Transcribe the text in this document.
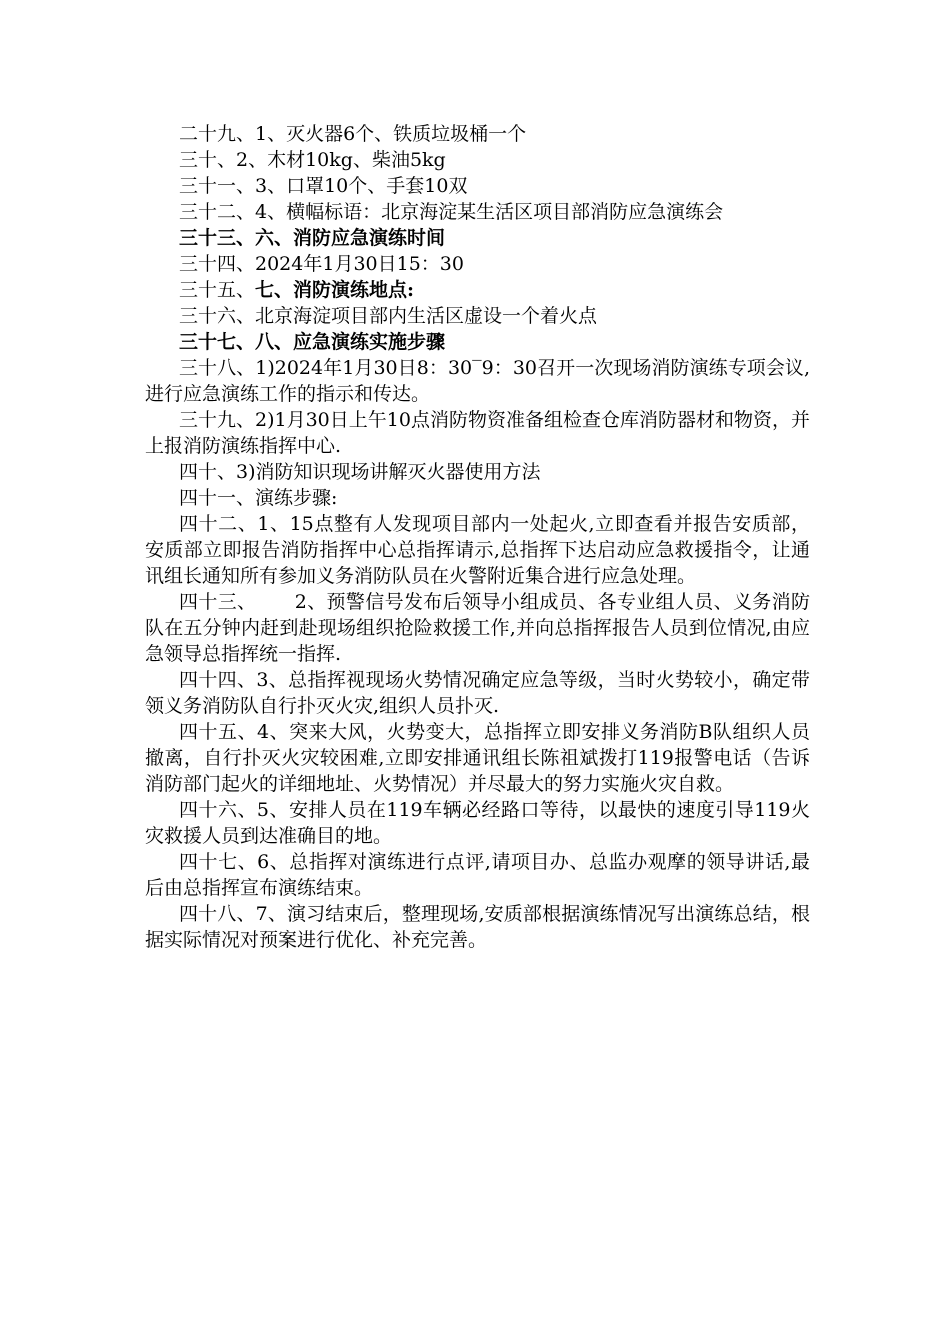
二十九、1、灭火器6个、铁质垃圾桶一个

三十、2、木材10kg、柴油5kg

三十一、3、口罩10个、手套10双

三十二、4、横幅标语：北京海淀某生活区项目部消防应急演练会

三十三、六、消防应急演练时间

三十四、2024年1月30日15：30

三十五、七、消防演练地点:

三十六、北京海淀项目部内生活区虚设一个着火点

三十七、八、应急演练实施步骤

三十八、1)2024年1月30日8：30‾9：30召开一次现场消防演练专项会议,进行应急演练工作的指示和传达。

三十九、2)1月30日上午10点消防物资准备组检查仓库消防器材和物资，并上报消防演练指挥中心.

四十、3)消防知识现场讲解灭火器使用方法

四十一、演练步骤:

四十二、1、15点整有人发现项目部内一处起火,立即查看并报告安质部，安质部立即报告消防指挥中心总指挥请示,总指挥下达启动应急救援指令，让通讯组长通知所有参加义务消防队员在火警附近集合进行应急处理。

四十三、      2、预警信号发布后领导小组成员、各专业组人员、义务消防队在五分钟内赶到赴现场组织抢险救援工作,并向总指挥报告人员到位情况,由应急领导总指挥统一指挥.

四十四、3、总指挥视现场火势情况确定应急等级，当时火势较小，确定带领义务消防队自行扑灭火灾,组织人员扑灭.

四十五、4、突来大风，火势变大，总指挥立即安排义务消防B队组织人员撤离，自行扑灭火灾较困难,立即安排通讯组长陈祖斌拨打119报警电话（告诉消防部门起火的详细地址、火势情况）并尽最大的努力实施火灾自救。

四十六、5、安排人员在119车辆必经路口等待，以最快的速度引导119火灾救援人员到达准确目的地。

四十七、6、总指挥对演练进行点评,请项目办、总监办观摩的领导讲话,最后由总指挥宣布演练结束。

四十八、7、演习结束后，整理现场,安质部根据演练情况写出演练总结，根据实际情况对预案进行优化、补充完善。
